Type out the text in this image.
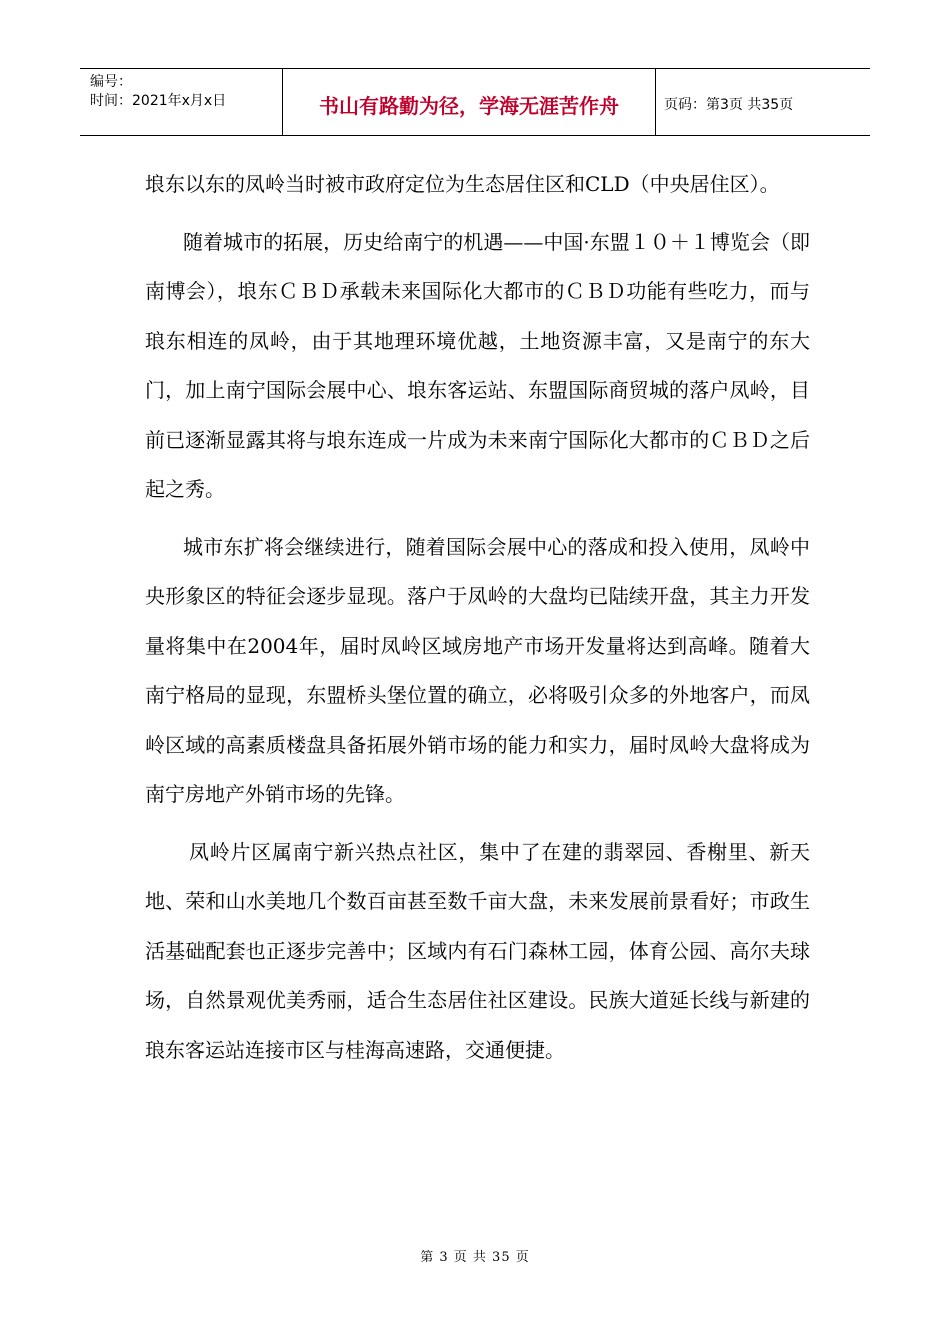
编号：
时间：2021年x月x日	书山有路勤为径，学海无涯苦作舟	页码：第3页 共35页

埌东以东的凤岭当时被市政府定位为生态居住区和CLD（中央居住区）。

随着城市的拓展，历史给南宁的机遇——中国·东盟１０＋１博览会（即南博会），埌东ＣＢＤ承载未来国际化大都市的ＣＢＤ功能有些吃力，而与琅东相连的凤岭，由于其地理环境优越，土地资源丰富，又是南宁的东大门，加上南宁国际会展中心、埌东客运站、东盟国际商贸城的落户凤岭，目前已逐渐显露其将与埌东连成一片成为未来南宁国际化大都市的ＣＢＤ之后起之秀。

城市东扩将会继续进行，随着国际会展中心的落成和投入使用，凤岭中央形象区的特征会逐步显现。落户于凤岭的大盘均已陆续开盘，其主力开发量将集中在2004年，届时凤岭区域房地产市场开发量将达到高峰。随着大南宁格局的显现，东盟桥头堡位置的确立，必将吸引众多的外地客户，而凤岭区域的高素质楼盘具备拓展外销市场的能力和实力，届时凤岭大盘将成为南宁房地产外销市场的先锋。

凤岭片区属南宁新兴热点社区，集中了在建的翡翠园、香榭里、新天地、荣和山水美地几个数百亩甚至数千亩大盘，未来发展前景看好；市政生活基础配套也正逐步完善中；区域内有石门森林工园，体育公园、高尔夫球场，自然景观优美秀丽，适合生态居住社区建设。民族大道延长线与新建的琅东客运站连接市区与桂海高速路，交通便捷。

第 3 页 共 35 页
